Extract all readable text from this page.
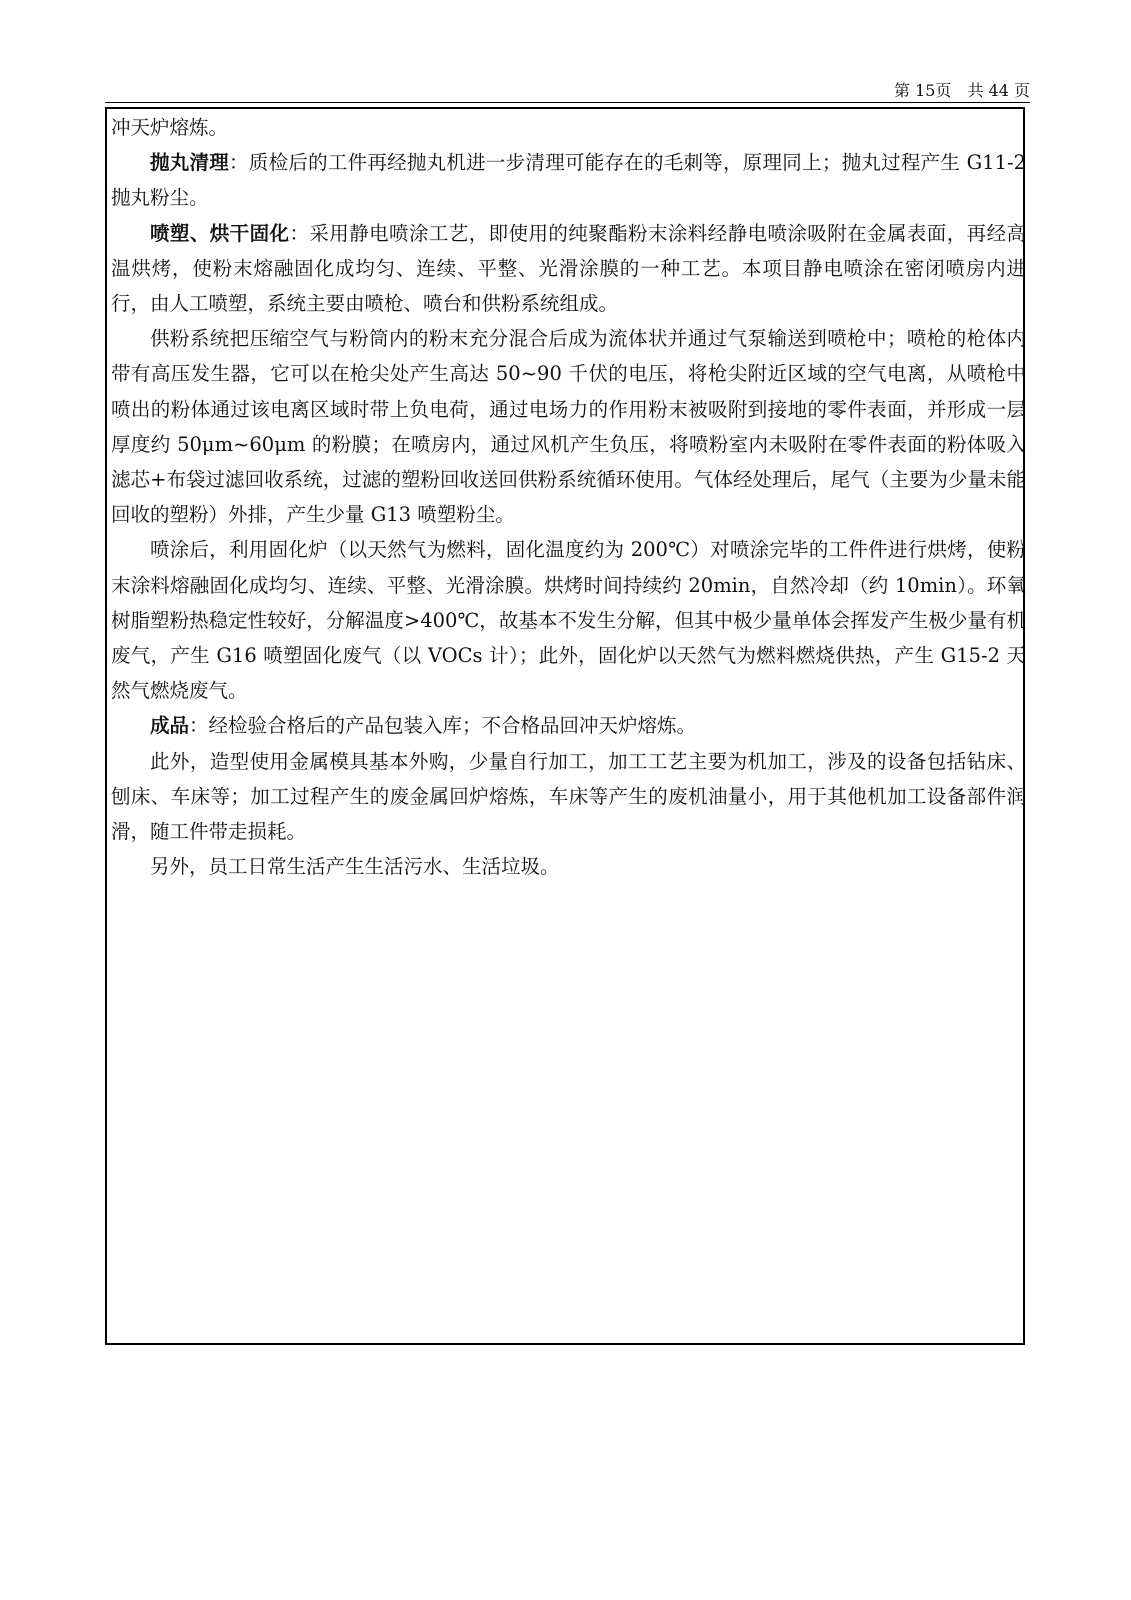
第 15页　共 44 页

冲天炉熔炼。

抛丸清理：质检后的工件再经抛丸机进一步清理可能存在的毛刺等，原理同上；抛丸过程产生 G11-2 抛丸粉尘。

喷塑、烘干固化：采用静电喷涂工艺，即使用的纯聚酯粉末涂料经静电喷涂吸附在金属表面，再经高温烘烤，使粉末熔融固化成均匀、连续、平整、光滑涂膜的一种工艺。本项目静电喷涂在密闭喷房内进行，由人工喷塑，系统主要由喷枪、喷台和供粉系统组成。

供粉系统把压缩空气与粉筒内的粉末充分混合后成为流体状并通过气泵输送到喷枪中；喷枪的枪体内带有高压发生器，它可以在枪尖处产生高达 50~90 千伏的电压，将枪尖附近区域的空气电离，从喷枪中喷出的粉体通过该电离区域时带上负电荷，通过电场力的作用粉末被吸附到接地的零件表面，并形成一层厚度约 50μm~60μm 的粉膜；在喷房内，通过风机产生负压，将喷粉室内未吸附在零件表面的粉体吸入滤芯+布袋过滤回收系统，过滤的塑粉回收送回供粉系统循环使用。气体经处理后，尾气（主要为少量未能回收的塑粉）外排，产生少量 G13 喷塑粉尘。

喷涂后，利用固化炉（以天然气为燃料，固化温度约为 200℃）对喷涂完毕的工件件进行烘烤，使粉末涂料熔融固化成均匀、连续、平整、光滑涂膜。烘烤时间持续约 20min，自然冷却（约 10min）。环氧树脂塑粉热稳定性较好，分解温度>400℃，故基本不发生分解，但其中极少量单体会挥发产生极少量有机废气，产生 G16 喷塑固化废气（以 VOCs 计）；此外，固化炉以天然气为燃料燃烧供热，产生 G15-2 天然气燃烧废气。

成品：经检验合格后的产品包装入库；不合格品回冲天炉熔炼。

此外，造型使用金属模具基本外购，少量自行加工，加工工艺主要为机加工，涉及的设备包括钻床、刨床、车床等；加工过程产生的废金属回炉熔炼，车床等产生的废机油量小，用于其他机加工设备部件润滑，随工件带走损耗。

另外，员工日常生活产生生活污水、生活垃圾。
